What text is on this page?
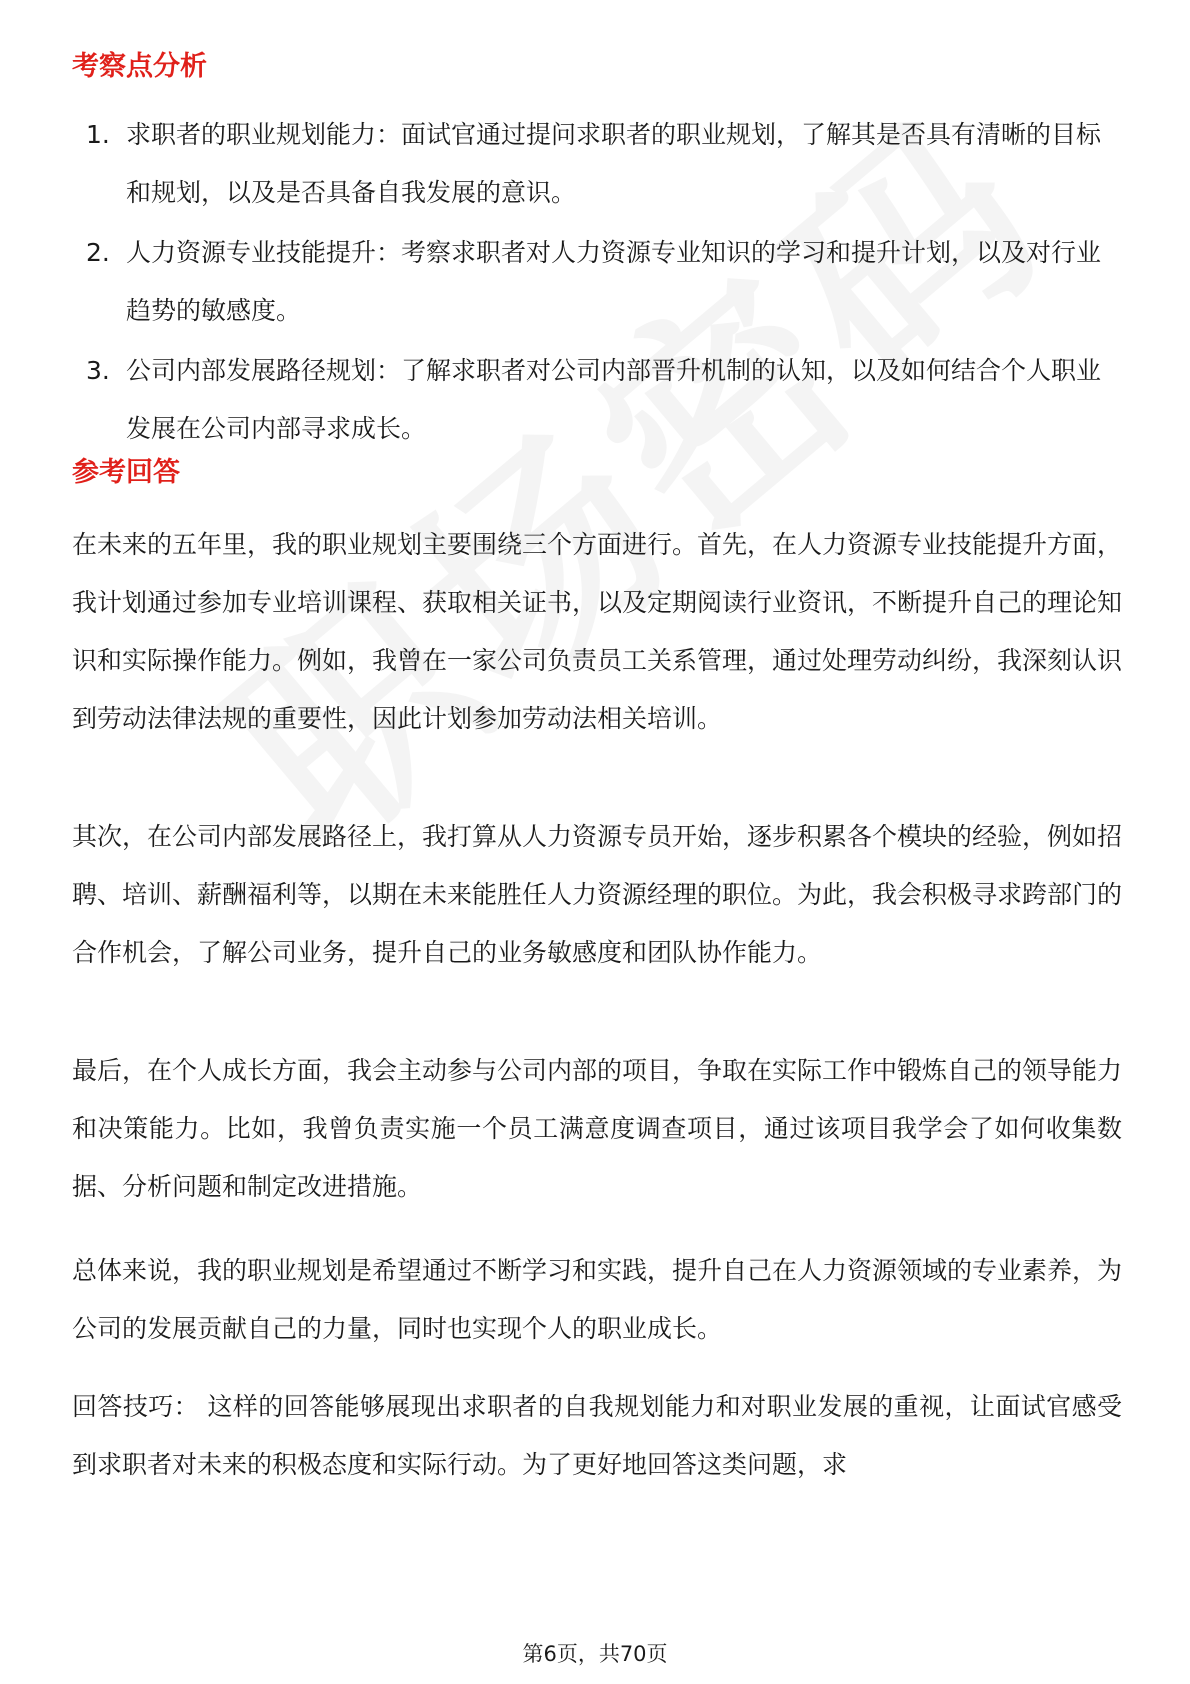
考察点分析
1. 求职者的职业规划能力：面试官通过提问求职者的职业规划，了解其是否具有清晰的目标和规划，以及是否具备自我发展的意识。
2. 人力资源专业技能提升：考察求职者对人力资源专业知识的学习和提升计划，以及对行业趋势的敏感度。
3. 公司内部发展路径规划：了解求职者对公司内部晋升机制的认知，以及如何结合个人职业发展在公司内部寻求成长。
参考回答

在未来的五年里，我的职业规划主要围绕三个方面进行。首先，在人力资源专业技能提升方面，我计划通过参加专业培训课程、获取相关证书，以及定期阅读行业资讯，不断提升自己的理论知识和实际操作能力。例如，我曾在一家公司负责员工关系管理，通过处理劳动纠纷，我深刻认识到劳动法律法规的重要性，因此计划参加劳动法相关培训。

其次，在公司内部发展路径上，我打算从人力资源专员开始，逐步积累各个模块的经验，例如招聘、培训、薪酬福利等，以期在未来能胜任人力资源经理的职位。为此，我会积极寻求跨部门的合作机会，了解公司业务，提升自己的业务敏感度和团队协作能力。

最后，在个人成长方面，我会主动参与公司内部的项目，争取在实际工作中锻炼自己的领导能力和决策能力。比如，我曾负责实施一个员工满意度调查项目，通过该项目我学会了如何收集数据、分析问题和制定改进措施。

总体来说，我的职业规划是希望通过不断学习和实践，提升自己在人力资源领域的专业素养，为公司的发展贡献自己的力量，同时也实现个人的职业成长。

回答技巧： 这样的回答能够展现出求职者的自我规划能力和对职业发展的重视，让面试官感受到求职者对未来的积极态度和实际行动。为了更好地回答这类问题，求

第6页，共70页
